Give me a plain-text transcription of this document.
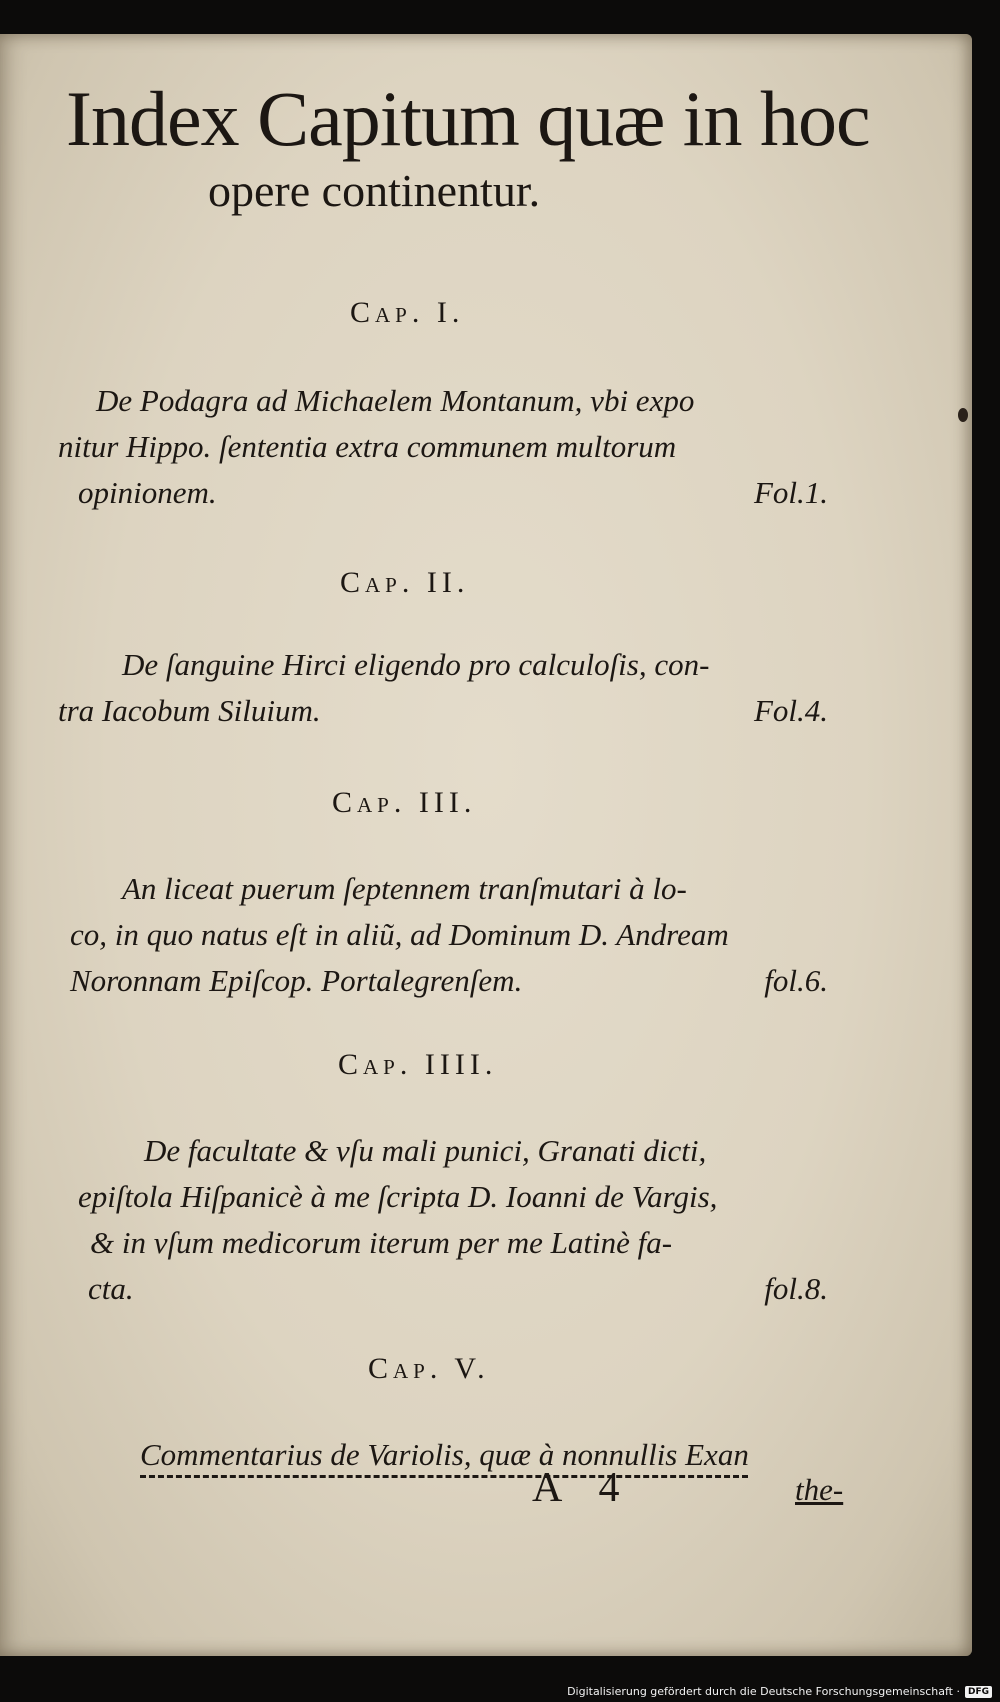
Index Capitum quæ in hoc
opere continentur.
Cap. I.
De Podagra ad Michaelem Montanum, vbi expo
nitur Hippo. ſententia extra communem multorum
opinionem.	Fol.1.
Cap. II.
De ſanguine Hirci eligendo pro calculoſis, con-
tra Iacobum Siluium.	Fol.4.
Cap. III.
An liceat puerum ſeptennem tranſmutari à lo-
co, in quo natus eſt in aliũ, ad Dominum D. Andream
Noronnam Epiſcop. Portalegrenſem.	fol.6.
Cap. IIII.
De facultate & vſu mali punici, Granati dicti,
epiſtola Hiſpanicè à me ſcripta D. Ioanni de Vargis,
& in vſum medicorum iterum per me Latinè fa-
cta.	fol.8.
Cap. V.
Commentarius de Variolis, quæ à nonnullis Exan
A 4	the-
Digitalisierung gefördert durch die Deutsche Forschungsgemeinschaft · DFG
